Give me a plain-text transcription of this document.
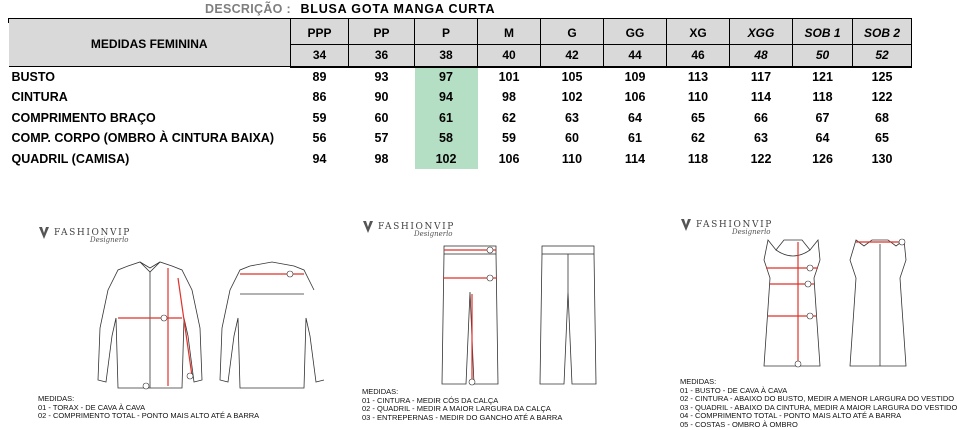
DESCRIÇÃO : BLUSA GOTA MANGA CURTA

MEDIDAS FEMININA	PPP	PP	P	M	G	GG	XG	XGG	SOB 1	SOB 2
	34	36	38	40	42	44	46	48	50	52
BUSTO	89	93	97	101	105	109	113	117	121	125
CINTURA	86	90	94	98	102	106	110	114	118	122
COMPRIMENTO BRAÇO	59	60	61	62	63	64	65	66	67	68
COMP. CORPO (OMBRO À CINTURA BAIXA)	56	57	58	59	60	61	62	63	64	65
QUADRIL (CAMISA)	94	98	102	106	110	114	118	122	126	130
FASHIONVIP
Designerlo
MEDIDAS:
01 - TORAX - DE CAVA À CAVA
02 - COMPRIMENTO TOTAL - PONTO MAIS ALTO ATÉ A BARRA
FASHIONVIP
Designerlo
MEDIDAS:
01 - CINTURA - MEDIR CÓS DA CALÇA
02 - QUADRIL - MEDIR A MAIOR LARGURA DA CALÇA
03 - ENTREPERNAS - MEDIR DO GANCHO ATÉ A BARRA
FASHIONVIP
Designerlo
MEDIDAS:
01 - BUSTO - DE CAVA À CAVA
02 - CINTURA - ABAIXO DO BUSTO, MEDIR A MENOR LARGURA DO VESTIDO
03 - QUADRIL - ABAIXO DA CINTURA, MEDIR A MAIOR LARGURA DO VESTIDO
04 - COMPRIMENTO TOTAL - PONTO MAIS ALTO ATÉ A BARRA
05 - COSTAS - OMBRO À OMBRO
